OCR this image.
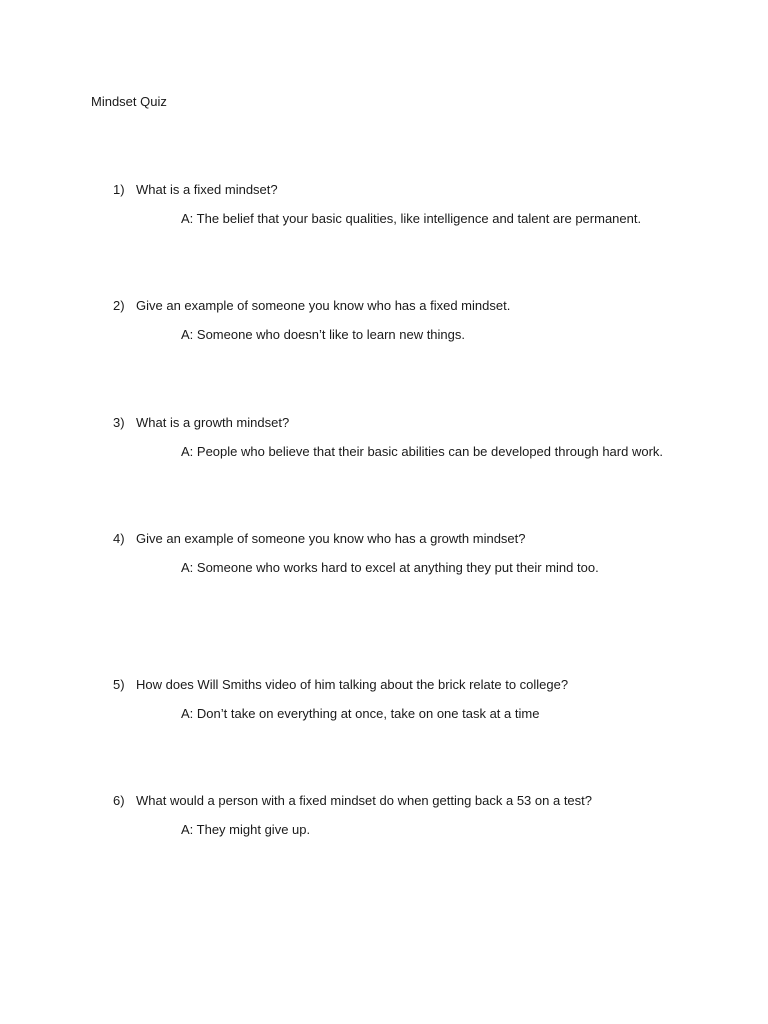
Mindset Quiz
1) What is a fixed mindset?
A: The belief that your basic qualities, like intelligence and talent are permanent.
2) Give an example of someone you know who has a fixed mindset.
A: Someone who doesn’t like to learn new things.
3) What is a growth mindset?
A: People who believe that their basic abilities can be developed through hard work.
4) Give an example of someone you know who has a growth mindset?
A: Someone who works hard to excel at anything they put their mind too.
5) How does Will Smiths video of him talking about the brick relate to college?
A: Don’t take on everything at once, take on one task at a time
6) What would a person with a fixed mindset do when getting back a 53 on a test?
A: They might give up.
